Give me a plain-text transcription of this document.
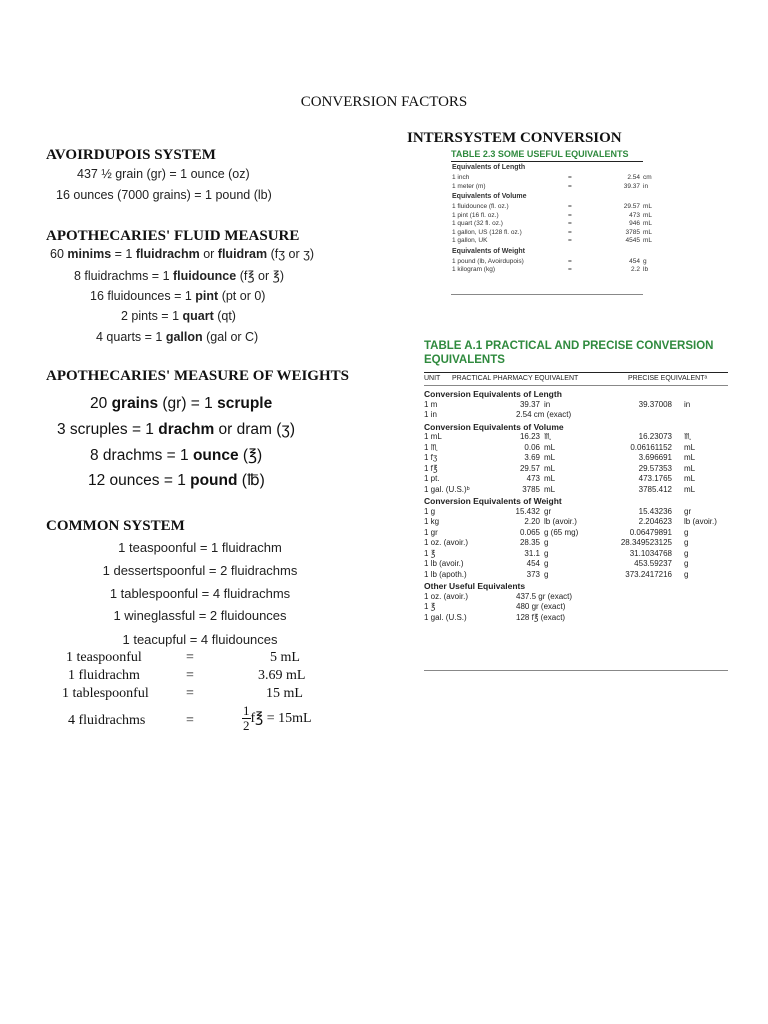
CONVERSION FACTORS
AVOIRDUPOIS SYSTEM
437 ½ grain (gr) = 1 ounce (oz)
16 ounces (7000 grains) = 1 pound (lb)
APOTHECARIES' FLUID MEASURE
60 minims = 1 fluidrachm or fluidram (fʒ or ʒ)
8 fluidrachms = 1 fluidounce (f℥ or ℥)
16 fluidounces = 1 pint (pt or 0)
2 pints = 1 quart (qt)
4 quarts = 1 gallon (gal or C)
APOTHECARIES' MEASURE OF WEIGHTS
20 grains (gr) = 1 scruple
3 scruples = 1 drachm or dram (ʒ)
8 drachms = 1 ounce (℥)
12 ounces = 1 pound (℔)
COMMON SYSTEM
1 teaspoonful = 1 fluidrachm
1 dessertspoonful = 2 fluidrachms
1 tablespoonful = 4 fluidrachms
1 wineglassful = 2 fluidounces
1 teacupful = 4 fluidounces
1 teaspoonful	=	5 mL
1 fluidrachm	=	3.69 mL
1 tablespoonful	=	15 mL
4 fluidrachms	=	$\frac{1}{2}$ f℥ = 15mL
INTERSYSTEM CONVERSION
TABLE 2.3 SOME USEFUL EQUIVALENTS
Equivalents of Length
1 inch	=	2.54 cm
1 meter (m)	=	39.37 in
Equivalents of Volume
1 fluidounce (fl. oz.)	=	29.57 mL
1 pint (16 fl. oz.)	=	473 mL
1 quart (32 fl. oz.)	=	946 mL
1 gallon, US (128 fl. oz.)	=	3785 mL
1 gallon, UK	=	4545 mL
Equivalents of Weight
1 pound (lb, Avoirdupois)	=	454 g
1 kilogram (kg)	=	2.2 lb
TABLE A.1 PRACTICAL AND PRECISE CONVERSION
EQUIVALENTS
UNIT PRACTICAL PHARMACY EQUIVALENT	PRECISE EQUIVALENTᵃ
Conversion Equivalents of Length
1 m	39.37 in	39.37008 in
1 in	2.54 cm (exact)
Conversion Equivalents of Volume
1 mL	16.23 ♏	16.23073 ♏
1 ♏	0.06 mL	0.06161152 mL
1 fʒ	3.69 mL	3.696691 mL
1 f℥	29.57 mL	29.57353 mL
1 pt.	473 mL	473.1765 mL
1 gal. (U.S.)ᵇ	3785 mL	3785.412 mL
Conversion Equivalents of Weight
1 g	15.432 gr	15.43236 gr
1 kg	2.20 lb (avoir.)	2.204623 lb (avoir.)
1 gr	0.065 g (65 mg)	0.06479891 g
1 oz. (avoir.)	28.35 g	28.349523125 g
1 ℥	31.1 g	31.1034768 g
1 lb (avoir.)	454 g	453.59237 g
1 lb (apoth.)	373 g	373.2417216 g
Other Useful Equivalents
1 oz. (avoir.)	437.5 gr (exact)
1 ℥	480 gr (exact)
1 gal. (U.S.)	128 f℥ (exact)
